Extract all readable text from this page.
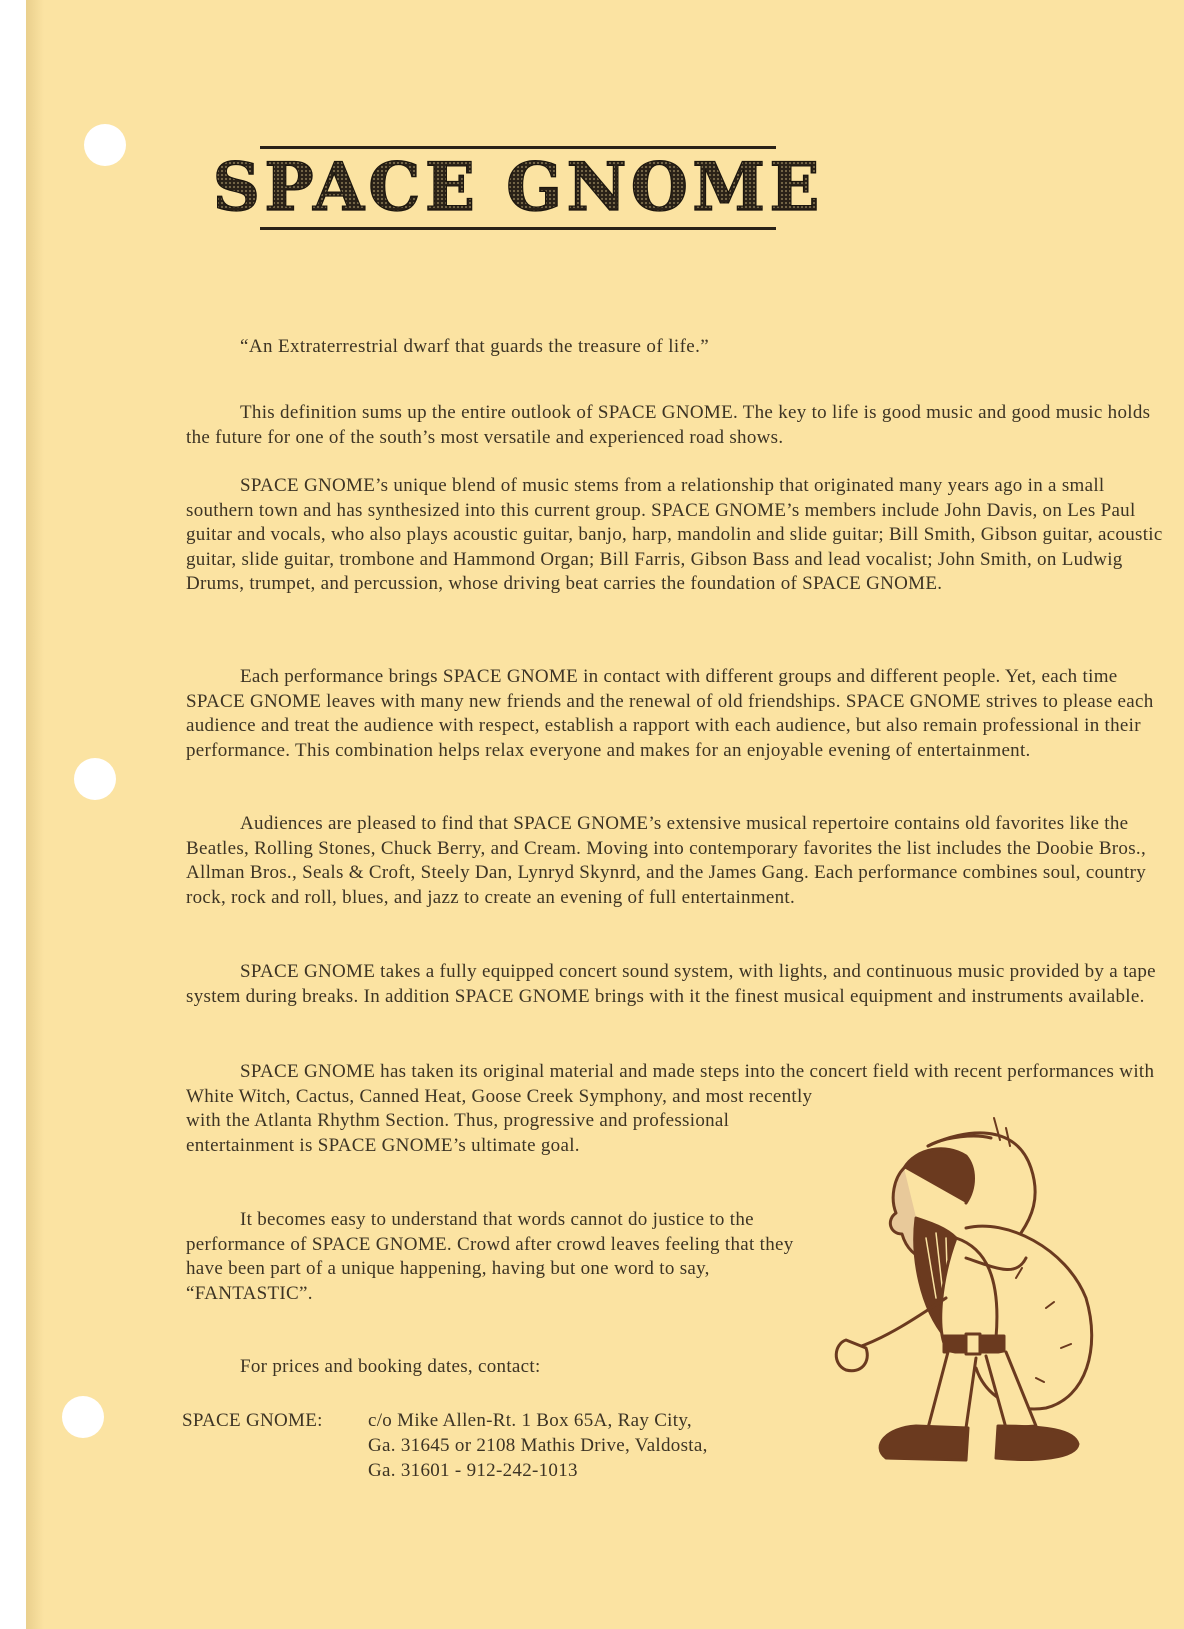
SPACE GNOME
“An Extraterrestrial dwarf that guards the treasure of life.”

This definition sums up the entire outlook of SPACE GNOME. The key to life is good music and good music holds the future for one of the south’s most versatile and experienced road shows.

SPACE GNOME’s unique blend of music stems from a relationship that originated many years ago in a small southern town and has synthesized into this current group. SPACE GNOME’s members include John Davis, on Les Paul guitar and vocals, who also plays acoustic guitar, banjo, harp, mandolin and slide guitar; Bill Smith, Gibson guitar, acoustic guitar, slide guitar, trombone and Hammond Organ; Bill Farris, Gibson Bass and lead vocalist; John Smith, on Ludwig Drums, trumpet, and percussion, whose driving beat carries the foundation of SPACE GNOME.

Each performance brings SPACE GNOME in contact with different groups and different people. Yet, each time SPACE GNOME leaves with many new friends and the renewal of old friendships. SPACE GNOME strives to please each audience and treat the audience with respect, establish a rapport with each audience, but also remain professional in their performance. This combination helps relax everyone and makes for an enjoyable evening of entertainment.

Audiences are pleased to find that SPACE GNOME’s extensive musical repertoire contains old favorites like the Beatles, Rolling Stones, Chuck Berry, and Cream. Moving into contemporary favorites the list includes the Doobie Bros., Allman Bros., Seals & Croft, Steely Dan, Lynryd Skynrd, and the James Gang. Each performance combines soul, country rock, rock and roll, blues, and jazz to create an evening of full entertainment.

SPACE GNOME takes a fully equipped concert sound system, with lights, and continuous music provided by a tape system during breaks. In addition SPACE GNOME brings with it the finest musical equipment and instruments available.

SPACE GNOME has taken its original material and made steps into the concert field with recent performances with White Witch, Cactus, Canned Heat, Goose Creek Symphony, and most recently

with the Atlanta Rhythm Section. Thus, progressive and professional entertainment is SPACE GNOME’s ultimate goal.

It becomes easy to understand that words cannot do justice to the performance of SPACE GNOME. Crowd after crowd leaves feeling that they have been part of a unique happening, having but one word to say, “FANTASTIC”.

For prices and booking dates, contact:
SPACE GNOME:	c/o Mike Allen-Rt. 1 Box 65A, Ray City,
Ga. 31645 or 2108 Mathis Drive, Valdosta,
Ga. 31601 - 912-242-1013
